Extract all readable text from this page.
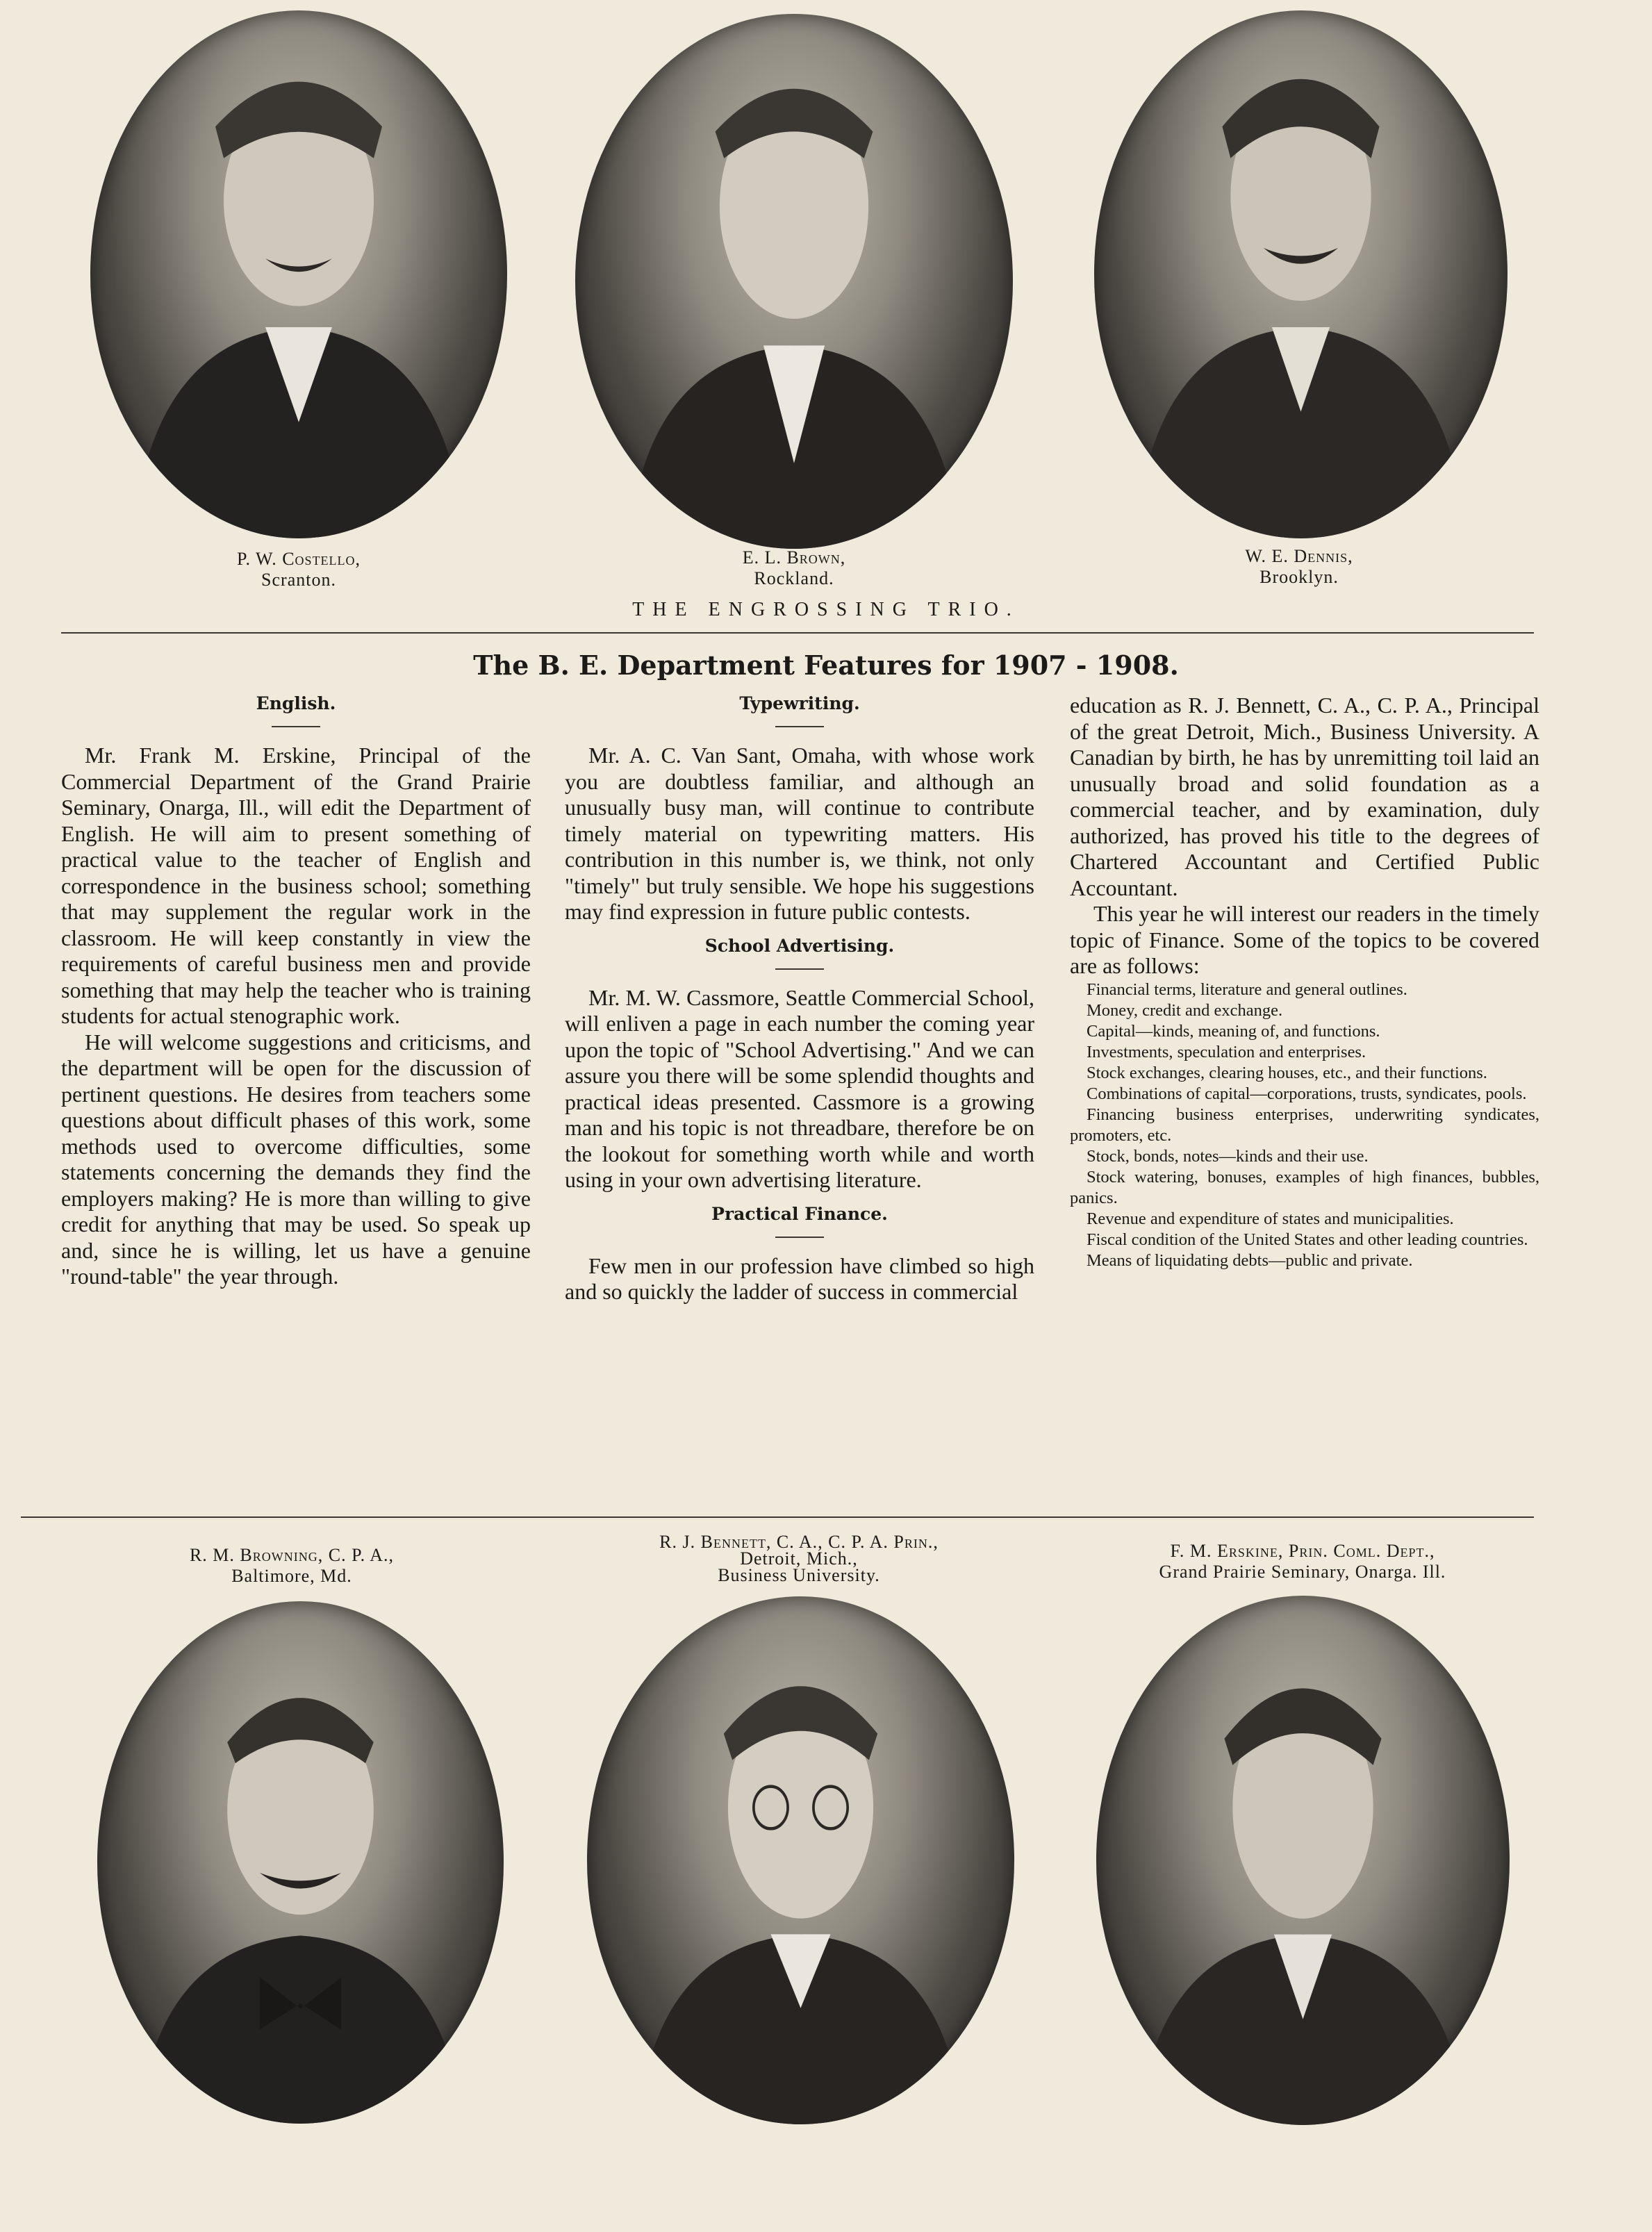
P. W. Costello,
Scranton.
E. L. Brown,
Rockland.
W. E. Dennis,
Brooklyn.
THE ENGROSSING TRIO.
The B. E. Department Features for 1907 - 1908.
English.

Mr. Frank M. Erskine, Principal of the Commercial Department of the Grand Prairie Seminary, Onarga, Ill., will edit the Department of English. He will aim to present something of practical value to the teacher of English and correspondence in the business school; something that may supplement the regular work in the classroom. He will keep constantly in view the requirements of careful business men and provide something that may help the teacher who is training students for actual stenographic work.

He will welcome suggestions and criticisms, and the department will be open for the discussion of pertinent questions. He desires from teachers some questions about difficult phases of this work, some methods used to overcome difficulties, some statements concerning the demands they find the employers making? He is more than willing to give credit for anything that may be used. So speak up and, since he is willing, let us have a genuine "round-table" the year through.

Typewriting.

Mr. A. C. Van Sant, Omaha, with whose work you are doubtless familiar, and although an unusually busy man, will continue to contribute timely material on typewriting matters. His contribution in this number is, we think, not only "timely" but truly sensible. We hope his suggestions may find expression in future public contests.

School Advertising.

Mr. M. W. Cassmore, Seattle Commercial School, will enliven a page in each number the coming year upon the topic of "School Advertising." And we can assure you there will be some splendid thoughts and practical ideas presented. Cassmore is a growing man and his topic is not threadbare, therefore be on the lookout for something worth while and worth using in your own advertising literature.

Practical Finance.

Few men in our profession have climbed so high and so quickly the ladder of success in commercial

education as R. J. Bennett, C. A., C. P. A., Principal of the great Detroit, Mich., Business University. A Canadian by birth, he has by unremitting toil laid an unusually broad and solid foundation as a commercial teacher, and by examination, duly authorized, has proved his title to the degrees of Chartered Accountant and Certified Public Accountant.

This year he will interest our readers in the timely topic of Finance. Some of the topics to be covered are as follows:

Financial terms, literature and general outlines.
Money, credit and exchange.
Capital—kinds, meaning of, and functions.
Investments, speculation and enterprises.
Stock exchanges, clearing houses, etc., and their functions.
Combinations of capital—corporations, trusts, syndicates, pools.
Financing business enterprises, underwriting syndicates, promoters, etc.
Stock, bonds, notes—kinds and their use.
Stock watering, bonuses, examples of high finances, bubbles, panics.
Revenue and expenditure of states and municipalities.
Fiscal condition of the United States and other leading countries.
Means of liquidating debts—public and private.
R. M. Browning, C. P. A.,
Baltimore, Md.
R. J. Bennett, C. A., C. P. A. Prin.,
Detroit, Mich.,
Business University.
F. M. Erskine, Prin. Coml. Dept.,
Grand Prairie Seminary, Onarga. Ill.
